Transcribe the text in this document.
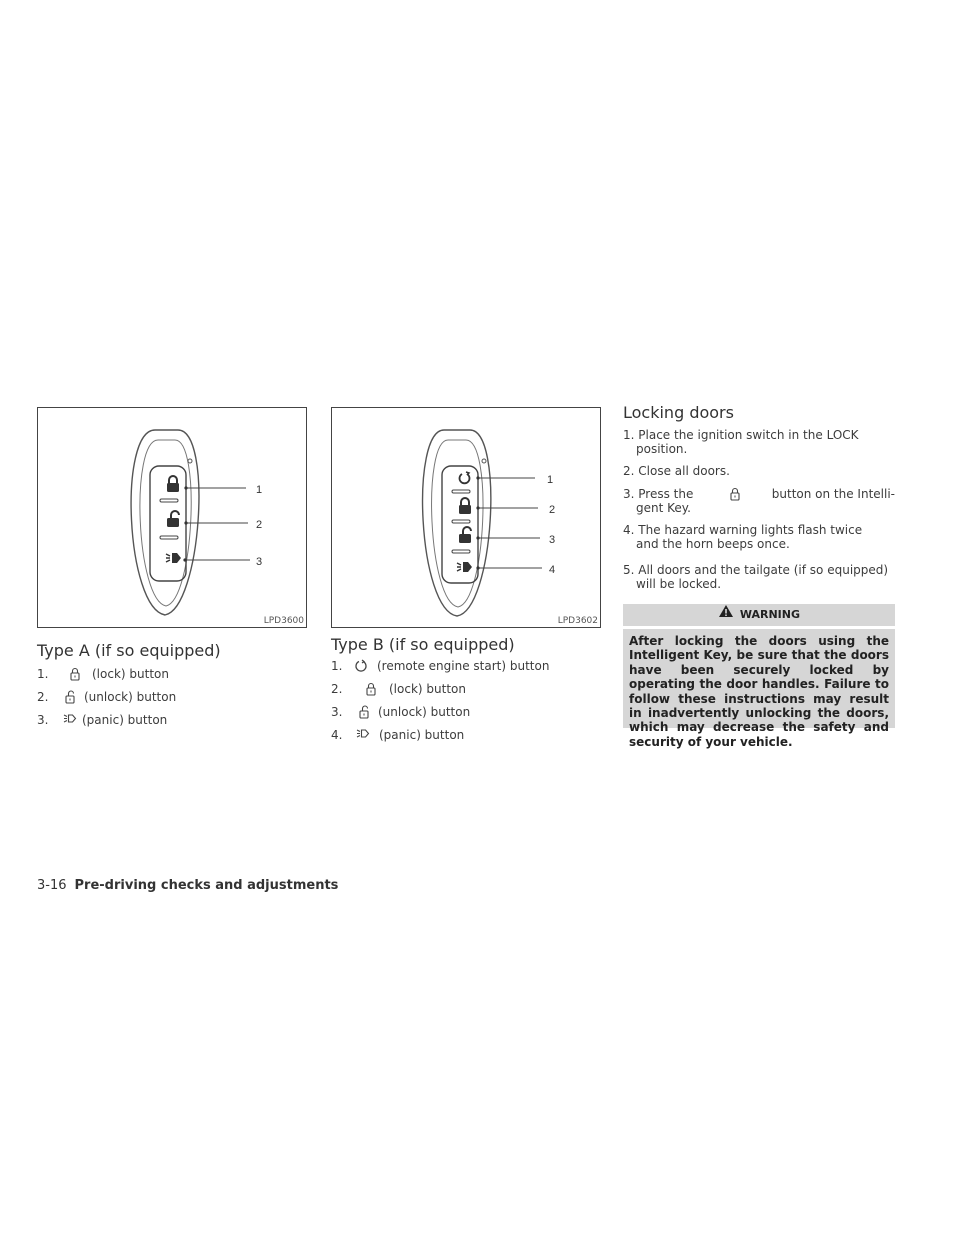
1
2
3
LPD3600
1
2
3
4
LPD3602
Type A (if so equipped)
1.	(lock) button
2.	(unlock) button
3.	(panic) button
Type B (if so equipped)
1.	(remote engine start) button
2.	(lock) button
3.	(unlock) button
4.	(panic) button
Locking doors
1. Place the ignition switch in the LOCK
position.
2. Close all doors.
3. Press the	button on the Intelli-
gent Key.
4. The hazard warning lights flash twice
and the horn beeps once.
5. All doors and the tailgate (if so equipped)
will be locked.
WARNING
After locking the doors using the Intelligent Key, be sure that the doors have been securely locked by operating the door handles. Failure to follow these instructions may result in inadvertently unlocking the doors, which may decrease the safety and security of your vehicle.
3-16 Pre-driving checks and adjustments
